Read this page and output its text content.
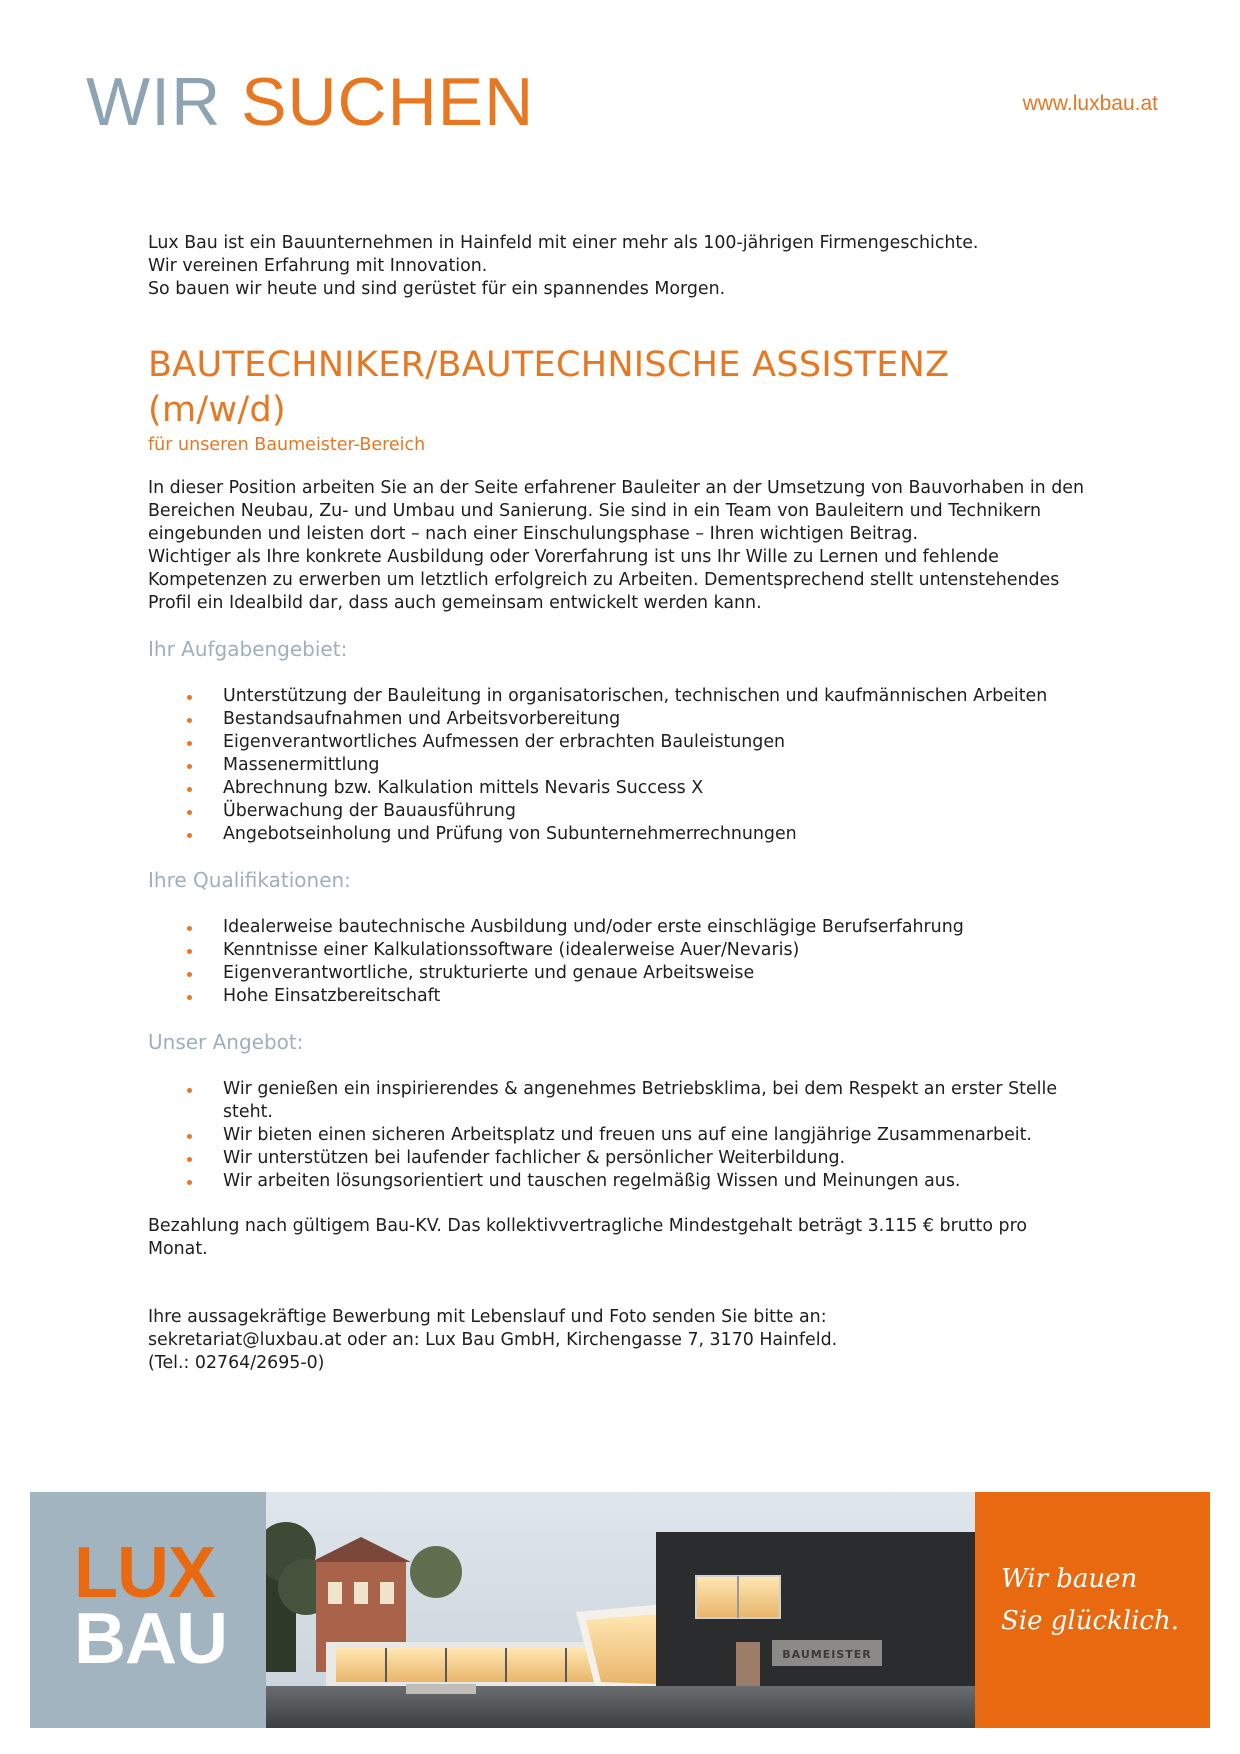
WIR SUCHEN	www.luxbau.at

Lux Bau ist ein Bauunternehmen in Hainfeld mit einer mehr als 100-jährigen Firmengeschichte.
Wir vereinen Erfahrung mit Innovation.
So bauen wir heute und sind gerüstet für ein spannendes Morgen.

BAUTECHNIKER/BAUTECHNISCHE ASSISTENZ (m/w/d)

für unseren Baumeister-Bereich

In dieser Position arbeiten Sie an der Seite erfahrener Bauleiter an der Umsetzung von Bauvorhaben in den Bereichen Neubau, Zu- und Umbau und Sanierung. Sie sind in ein Team von Bauleitern und Technikern eingebunden und leisten dort – nach einer Einschulungsphase – Ihren wichtigen Beitrag.

Wichtiger als Ihre konkrete Ausbildung oder Vorerfahrung ist uns Ihr Wille zu Lernen und fehlende Kompetenzen zu erwerben um letztlich erfolgreich zu Arbeiten. Dementsprechend stellt untenstehendes Profil ein Idealbild dar, dass auch gemeinsam entwickelt werden kann.

Ihr Aufgabengebiet:
Unterstützung der Bauleitung in organisatorischen, technischen und kaufmännischen Arbeiten
Bestandsaufnahmen und Arbeitsvorbereitung
Eigenverantwortliches Aufmessen der erbrachten Bauleistungen
Massenermittlung
Abrechnung bzw. Kalkulation mittels Nevaris Success X
Überwachung der Bauausführung
Angebotseinholung und Prüfung von Subunternehmerrechnungen
Ihre Qualifikationen:
Idealerweise bautechnische Ausbildung und/oder erste einschlägige Berufserfahrung
Kenntnisse einer Kalkulationssoftware (idealerweise Auer/Nevaris)
Eigenverantwortliche, strukturierte und genaue Arbeitsweise
Hohe Einsatzbereitschaft
Unser Angebot:
Wir genießen ein inspirierendes & angenehmes Betriebsklima, bei dem Respekt an erster Stelle steht.
Wir bieten einen sicheren Arbeitsplatz und freuen uns auf eine langjährige Zusammenarbeit.
Wir unterstützen bei laufender fachlicher & persönlicher Weiterbildung.
Wir arbeiten lösungsorientiert und tauschen regelmäßig Wissen und Meinungen aus.

Bezahlung nach gültigem Bau-KV. Das kollektivvertragliche Mindestgehalt beträgt 3.115 € brutto pro Monat.

Ihre aussagekräftige Bewerbung mit Lebenslauf und Foto senden Sie bitte an:
sekretariat@luxbau.at oder an: Lux Bau GmbH, Kirchengasse 7, 3170 Hainfeld.
(Tel.: 02764/2695-0)

LUX
BAU	BAUMEISTER
Wir bauen
Sie glücklich.
